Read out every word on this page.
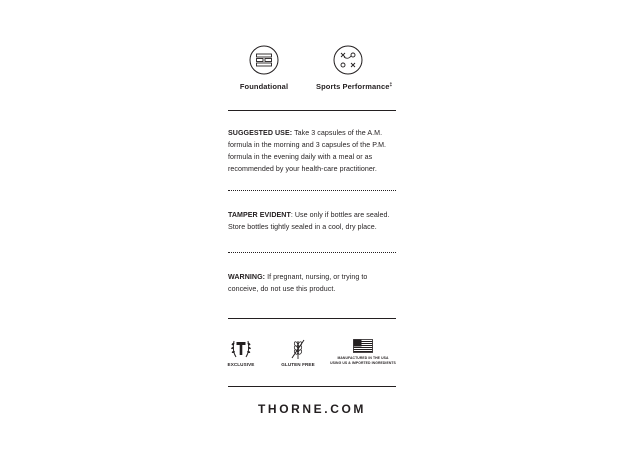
Foundational	Sports Performance‡
SUGGESTED USE: Take 3 capsules of the A.M. formula in the morning and 3 capsules of the P.M. formula in the evening daily with a meal or as recommended by your health-care practitioner.
TAMPER EVIDENT: Use only if bottles are sealed. Store bottles tightly sealed in a cool, dry place.
WARNING: If pregnant, nursing, or trying to conceive, do not use this product.
EXCLUSIVE	GLUTEN FREE
MANUFACTURED IN THE USA
USING US & IMPORTED INGREDIENTS
THORNE.COM
